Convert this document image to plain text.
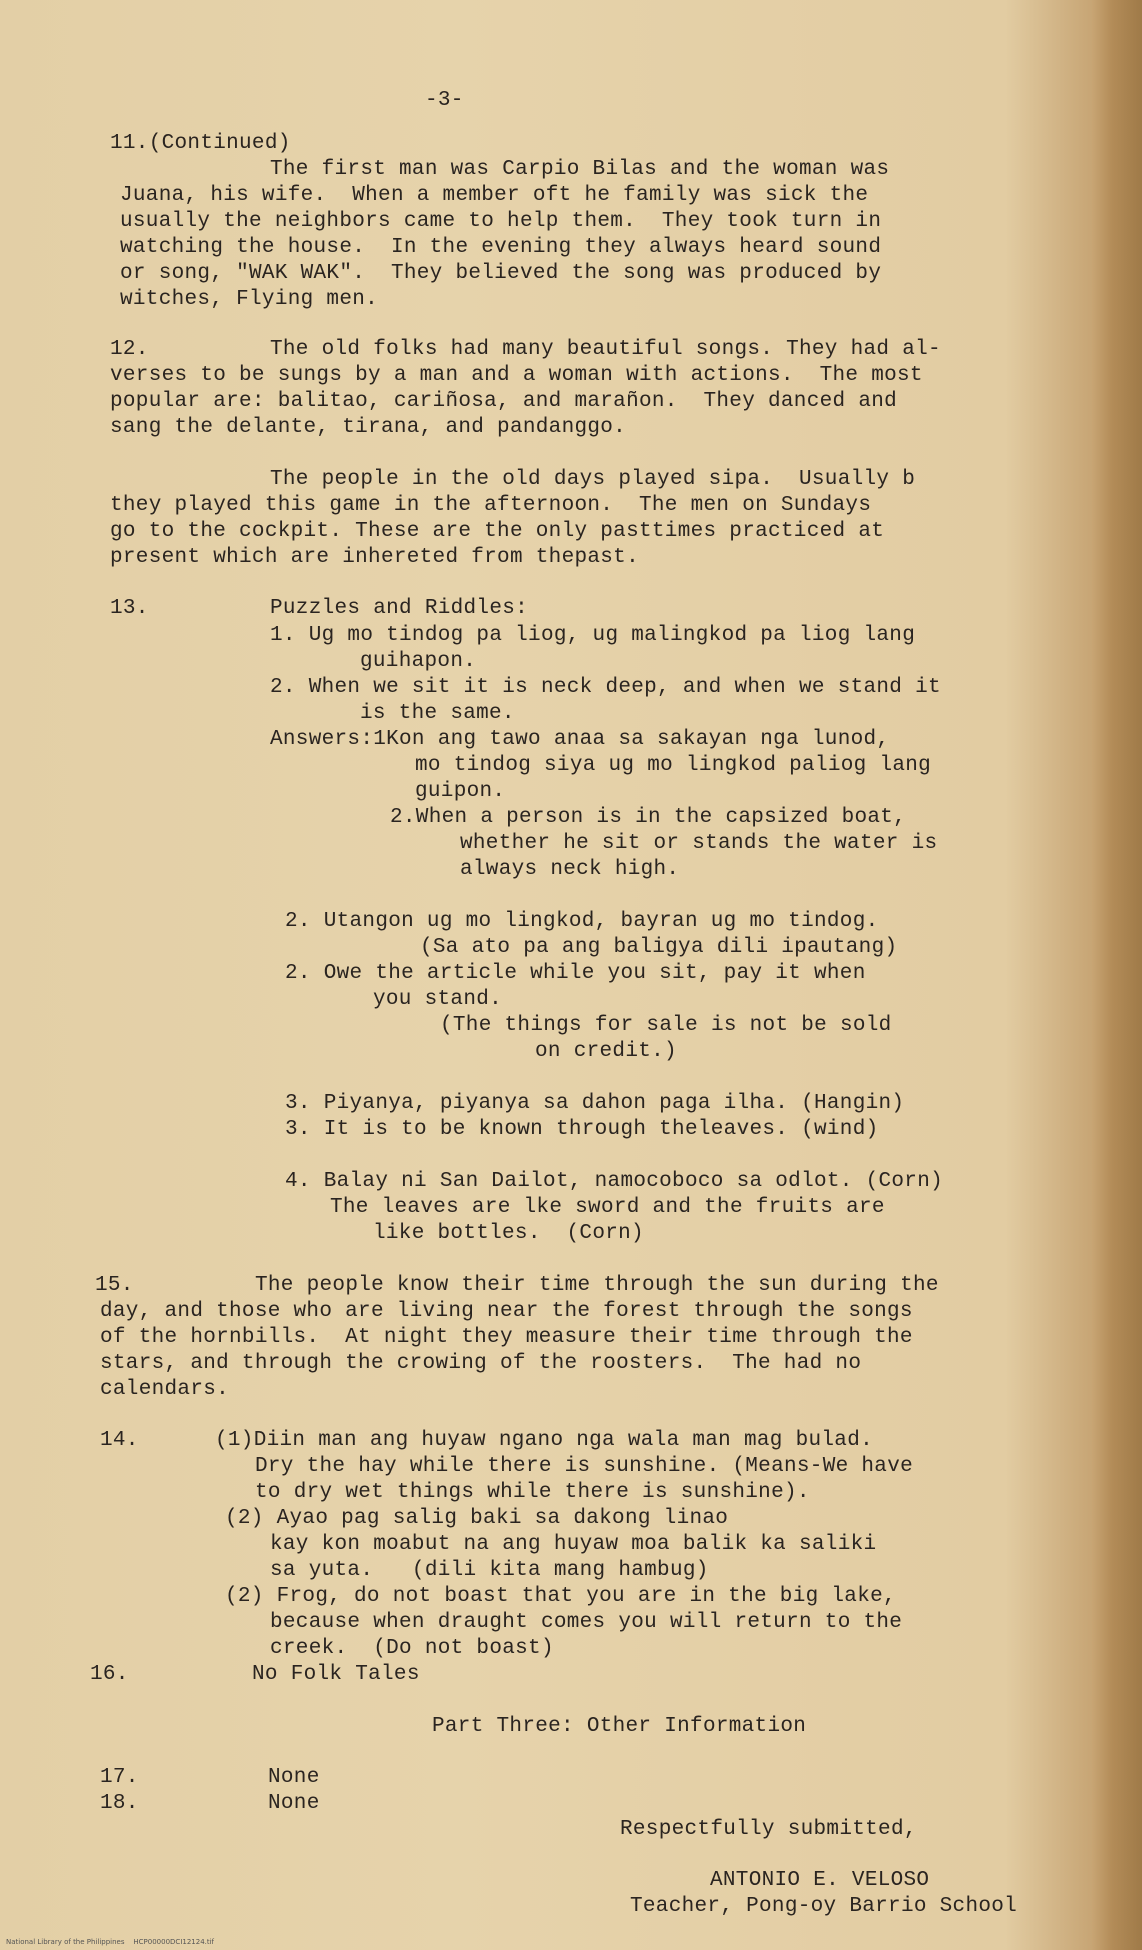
-3-
11.(Continued)
The first man was Carpio Bilas and the woman was
Juana, his wife.  When a member oft he family was sick the
usually the neighbors came to help them.  They took turn in
watching the house.  In the evening they always heard sound
or song, "WAK WAK".  They believed the song was produced by
witches, Flying men.
12.	The old folks had many beautiful songs. They had al-
verses to be sungs by a man and a woman with actions.  The most
popular are: balitao, cariñosa, and marañon.  They danced and
sang the delante, tirana, and pandanggo.
The people in the old days played sipa.  Usually b
they played this game in the afternoon.  The men on Sundays
go to the cockpit. These are the only pasttimes practiced at
present which are inhereted from thepast.
13.	Puzzles and Riddles:
1. Ug mo tindog pa liog, ug malingkod pa liog lang
guihapon.
2. When we sit it is neck deep, and when we stand it
is the same.
Answers:1Kon ang tawo anaa sa sakayan nga lunod,
mo tindog siya ug mo lingkod paliog lang
guipon.
2.When a person is in the capsized boat,
whether he sit or stands the water is
always neck high.
2. Utangon ug mo lingkod, bayran ug mo tindog.
(Sa ato pa ang baligya dili ipautang)
2. Owe the article while you sit, pay it when
you stand.
(The things for sale is not be sold
on credit.)
3. Piyanya, piyanya sa dahon paga ilha. (Hangin)
3. It is to be known through theleaves. (wind)
4. Balay ni San Dailot, namocoboco sa odlot. (Corn)
The leaves are lke sword and the fruits are
like bottles.  (Corn)
15.	The people know their time through the sun during the
day, and those who are living near the forest through the songs
of the hornbills.  At night they measure their time through the
stars, and through the crowing of the roosters.  The had no
calendars.
14.	(1)Diin man ang huyaw ngano nga wala man mag bulad.
Dry the hay while there is sunshine. (Means-We have
to dry wet things while there is sunshine).
(2) Ayao pag salig baki sa dakong linao
kay kon moabut na ang huyaw moa balik ka saliki
sa yuta.   (dili kita mang hambug)
(2) Frog, do not boast that you are in the big lake,
because when draught comes you will return to the
creek.  (Do not boast)
16.	No Folk Tales
Part Three: Other Information
17.	None
18.	None
Respectfully submitted,
ANTONIO E. VELOSO
Teacher, Pong-oy Barrio School
National Library of the Philippines    HCP00000DCI12124.tif
